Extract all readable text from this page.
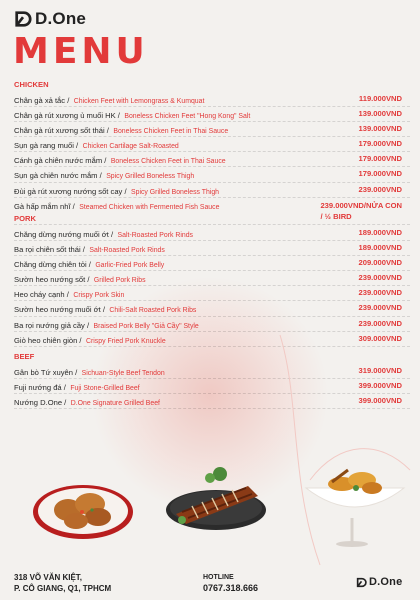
D.One
MENU
CHICKEN
Chân gà xả tắc / Chicken Feet with Lemongrass & Kumquat	119.000VND
Chân gà rút xương ủ muối HK / Boneless Chicken Feet "Hong Kong" Salt	139.000VND
Chân gà rút xương sốt thái / Boneless Chicken Feet in Thai Sauce	139.000VND
Sụn gà rang muối / Chicken Cartilage Salt-Roasted	179.000VND
Cánh gà chiên nước mắm / Boneless Chicken Feet in Thai Sauce	179.000VND
Sụn gà chiên nước mắm / Spicy Grilled Boneless Thigh	179.000VND
Đùi gà rút xương nướng sốt cay / Spicy Grilled Boneless Thigh	239.000VND
Gà hấp mắm nhĩ / Steamed Chicken with Fermented Fish Sauce	239.000VND/NỬA CON
/ ½ BIRD
PORK
Chăng dừng nướng muối ớt / Salt-Roasted Pork Rinds	189.000VND
Ba rọi chiên sốt thái / Salt-Roasted Pork Rinds	189.000VND
Chăng dừng chiên tỏi / Garlic-Fried Pork Belly	209.000VND
Sườn heo nướng sốt / Grilled Pork Ribs	239.000VND
Heo cháy cạnh / Crispy Pork Skin	239.000VND
Sườn heo nướng muối ớt / Chili-Salt Roasted Pork Ribs	239.000VND
Ba rọi nướng giả cầy / Braised Pork Belly "Giả Cầy" Style	239.000VND
Giò heo chiên giòn / Crispy Fried Pork Knuckle	309.000VND
BEEF
Gân bò Tứ xuyên / Sichuan-Style Beef Tendon	319.000VND
Fuji nướng đá / Fuji Stone-Grilled Beef	399.000VND
Nướng D.One / D.One Signature Grilled Beef	399.000VND
318 VÕ VĂN KIỆT,
P. CÔ GIANG, Q1, TPHCM
HOTLINE
0767.318.666	D.One
